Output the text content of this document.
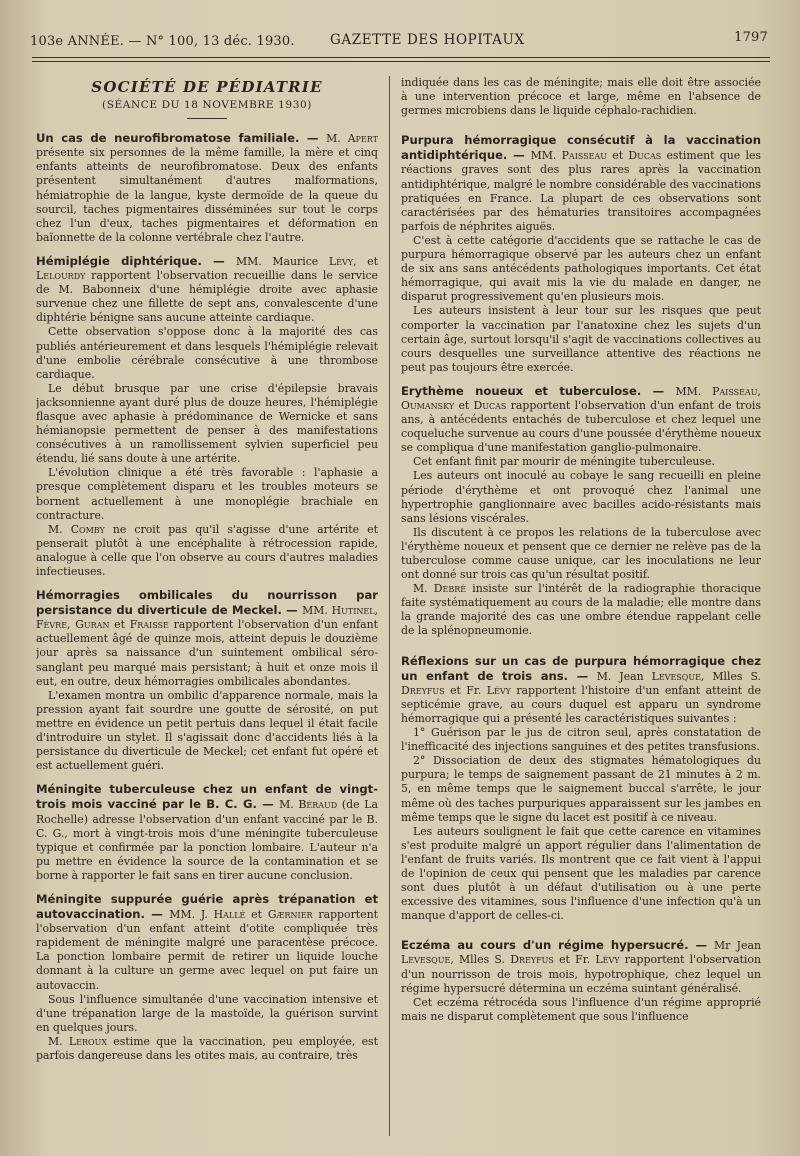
103e ANNÉE. — N° 100, 13 déc. 1930.	GAZETTE DES HOPITAUX	1797
SOCIÉTÉ DE PÉDIATRIE
(SÉANCE DU 18 NOVEMBRE 1930)

Un cas de neurofibromatose familiale. — M. Apert présente six personnes de la même famille, la mère et cinq enfants atteints de neurofibromatose. Deux des enfants présentent simultanément d'autres malformations, hémiatrophie de la langue, kyste dermoïde de la queue du sourcil, taches pigmentaires disséminées sur tout le corps chez l'un d'eux, taches pigmentaires et déformation en baïonnette de la colonne vertébrale chez l'autre.

Hémiplégie diphtérique. — MM. Maurice Lévy, et Lelourdy rapportent l'observation recueillie dans le service de M. Babonneix d'une hémiplégie droite avec aphasie survenue chez une fillette de sept ans, convalescente d'une diphtérie bénigne sans aucune atteinte cardiaque.

Cette observation s'oppose donc à la majorité des cas publiés antérieurement et dans lesquels l'hémiplégie relevait d'une embolie cérébrale consécutive à une thrombose cardiaque.

Le début brusque par une crise d'épilepsie bravais jacksonnienne ayant duré plus de douze heures, l'hémiplégie flasque avec aphasie à prédominance de Wernicke et sans hémianopsie permettent de penser à des manifestations consécutives à un ramollissement sylvien superficiel peu étendu, lié sans doute à une artérite.

L'évolution clinique a été très favorable : l'aphasie a presque complètement disparu et les troubles moteurs se bornent actuellement à une monoplégie brachiale en contracture.

M. Comby ne croit pas qu'il s'agisse d'une artérite et penserait plutôt à une encéphalite à rétrocession rapide, analogue à celle que l'on observe au cours d'autres maladies infectieuses.

Hémorragies ombilicales du nourrisson par persistance du diverticule de Meckel. — MM. Hutinel, Fèvre, Guran et Fraisse rapportent l'observation d'un enfant actuellement âgé de quinze mois, atteint depuis le douzième jour après sa naissance d'un suintement ombilical séro-sanglant peu marqué mais persistant; à huit et onze mois il eut, en outre, deux hémorragies ombilicales abondantes.

L'examen montra un ombilic d'apparence normale, mais la pression ayant fait sourdre une goutte de sérosité, on put mettre en évidence un petit pertuis dans lequel il était facile d'introduire un stylet. Il s'agissait donc d'accidents liés à la persistance du diverticule de Meckel; cet enfant fut opéré et est actuellement guéri.

Méningite tuberculeuse chez un enfant de vingt-trois mois vacciné par le B. C. G. — M. Béraud (de La Rochelle) adresse l'observation d'un enfant vacciné par le B. C. G., mort à vingt-trois mois d'une méningite tuberculeuse typique et confirmée par la ponction lombaire. L'auteur n'a pu mettre en évidence la source de la contamination et se borne à rapporter le fait sans en tirer aucune conclusion.

Méningite suppurée guérie après trépanation et autovaccination. — MM. J. Hallé et Gærnier rapportent l'observation d'un enfant atteint d'otite compliquée très rapidement de méningite malgré une paracentèse précoce. La ponction lombaire permit de retirer un liquide louche donnant à la culture un germe avec lequel on put faire un autovaccin.

Sous l'influence simultanée d'une vaccination intensive et d'une trépanation large de la mastoïde, la guérison survint en quelques jours.

M. Leroux estime que la vaccination, peu employée, est parfois dangereuse dans les otites mais, au contraire, très

indiquée dans les cas de méningite; mais elle doit être associée à une intervention précoce et large, même en l'absence de germes microbiens dans le liquide céphalo-rachidien.

Purpura hémorragique consécutif à la vaccination antidiphtérique. — MM. Paisseau et Ducas estiment que les réactions graves sont des plus rares après la vaccination antidiphtérique, malgré le nombre considérable des vaccinations pratiquées en France. La plupart de ces observations sont caractérisées par des hématuries transitoires accompagnées parfois de néphrites aiguës.

C'est à cette catégorie d'accidents que se rattache le cas de purpura hémorragique observé par les auteurs chez un enfant de six ans sans antécédents pathologiques importants. Cet état hémorragique, qui avait mis la vie du malade en danger, ne disparut progressivement qu'en plusieurs mois.

Les auteurs insistent à leur tour sur les risques que peut comporter la vaccination par l'anatoxine chez les sujets d'un certain âge, surtout lorsqu'il s'agit de vaccinations collectives au cours desquelles une surveillance attentive des réactions ne peut pas toujours être exercée.

Erythème noueux et tuberculose. — MM. Paisseau, Oumansky et Ducas rapportent l'observation d'un enfant de trois ans, à antécédents entachés de tuberculose et chez lequel une coqueluche survenue au cours d'une poussée d'érythème noueux se compliqua d'une manifestation ganglio-pulmonaire.

Cet enfant finit par mourir de méningite tuberculeuse.

Les auteurs ont inoculé au cobaye le sang recueilli en pleine période d'érythème et ont provoqué chez l'animal une hypertrophie ganglionnaire avec bacilles acido-résistants mais sans lésions viscérales.

Ils discutent à ce propos les relations de la tuberculose avec l'érythème noueux et pensent que ce dernier ne relève pas de la tuberculose comme cause unique, car les inoculations ne leur ont donné sur trois cas qu'un résultat positif.

M. Debré insiste sur l'intérêt de la radiographie thoracique faite systématiquement au cours de la maladie; elle montre dans la grande majorité des cas une ombre étendue rappelant celle de la splénopneumonie.

Réflexions sur un cas de purpura hémorragique chez un enfant de trois ans. — M. Jean Levesque, Mlles S. Dreyfus et Fr. Lévy rapportent l'histoire d'un enfant atteint de septicémie grave, au cours duquel est apparu un syndrome hémorragique qui a présenté les caractéristiques suivantes :

1° Guérison par le jus de citron seul, après constatation de l'inefficacité des injections sanguines et des petites transfusions.

2° Dissociation de deux des stigmates hématologiques du purpura; le temps de saignement passant de 21 minutes à 2 m. 5, en même temps que le saignement buccal s'arrête, le jour même où des taches purpuriques apparaissent sur les jambes en même temps que le signe du lacet est positif à ce niveau.

Les auteurs soulignent le fait que cette carence en vitamines s'est produite malgré un apport régulier dans l'alimentation de l'enfant de fruits variés. Ils montrent que ce fait vient à l'appui de l'opinion de ceux qui pensent que les maladies par carence sont dues plutôt à un défaut d'utilisation ou à une perte excessive des vitamines, sous l'influence d'une infection qu'à un manque d'apport de celles-ci.

Eczéma au cours d'un régime hypersucré. — Mr Jean Levesque, Mlles S. Dreyfus et Fr. Lévy rapportent l'observation d'un nourrisson de trois mois, hypotrophique, chez lequel un régime hypersucré détermina un eczéma suintant généralisé.

Cet eczéma rétrocéda sous l'influence d'un régime approprié mais ne disparut complètement que sous l'influence
